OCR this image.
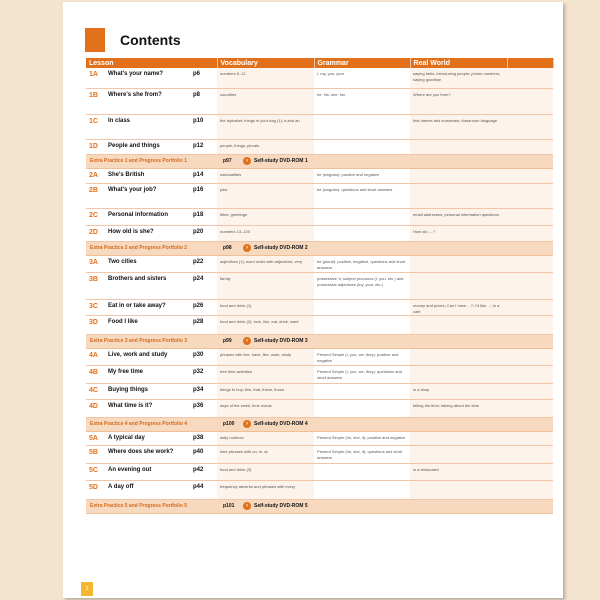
Contents
Lesson			Vocabulary	Grammar	Real World	
1A	What's your name?	p6	numbers 0–12	I, my, you, your	saying hello; introducing people; phone numbers; saying goodbye	
1B	Where's she from?	p8	countries	he, his, she, her	Where are you from?	
1C	In class	p10	the alphabet; things in your bag (1); a and an		first names and surnames; classroom language	
1D	People and things	p12	people; things; plurals			

Extra Practice 1 and Progress Portfolio 1 p97 › Self-study DVD-ROM 1						

2A	She's British	p14	nationalities	be (singular): positive and negative		
2B	What's your job?	p16	jobs	be (singular): questions and short answers		
2C	Personal information	p18	titles; greetings		email addresses; personal information questions	
2D	How old is she?	p20	numbers 13–100		How old ... ?	

Extra Practice 2 and Progress Portfolio 2 p98 › Self-study DVD-ROM 2						

3A	Two cities	p22	adjectives (1); word order with adjectives; very	be (plural): positive, negative, questions and short answers		
3B	Brothers and sisters	p24	family	possessive 's; subject pronouns (I, you, etc.) and possessive adjectives (my, your, etc.)		
3C	Eat in or take away?	p26	food and drink (1)		money and prices; Can I have ...?; I'd like ...; in a café	
3D	Food I like	p28	food and drink (2); love, like, eat, drink, want			

Extra Practice 3 and Progress Portfolio 3 p99 › Self-study DVD-ROM 3						

4A	Live, work and study	p30	phrases with live, have, like, work, study	Present Simple (I, you, we, they): positive and negative		
4B	My free time	p32	free time activities	Present Simple (I, you, we, they): questions and short answers		
4C	Buying things	p34	things to buy; this, that, these, those		in a shop	
4D	What time is it?	p36	days of the week; time words		telling the time; talking about the time	

Extra Practice 4 and Progress Portfolio 4 p100 › Self-study DVD-ROM 4						

5A	A typical day	p38	daily routines	Present Simple (he, she, it): positive and negative		
5B	Where does she work?	p40	time phrases with on, in, at	Present Simple (he, she, it): questions and short answers		
5C	An evening out	p42	food and drink (3)		in a restaurant	
5D	A day off	p44	frequency adverbs and phrases with every			

Extra Practice 5 and Progress Portfolio 5 p101 › Self-study DVD-ROM 5						
2
